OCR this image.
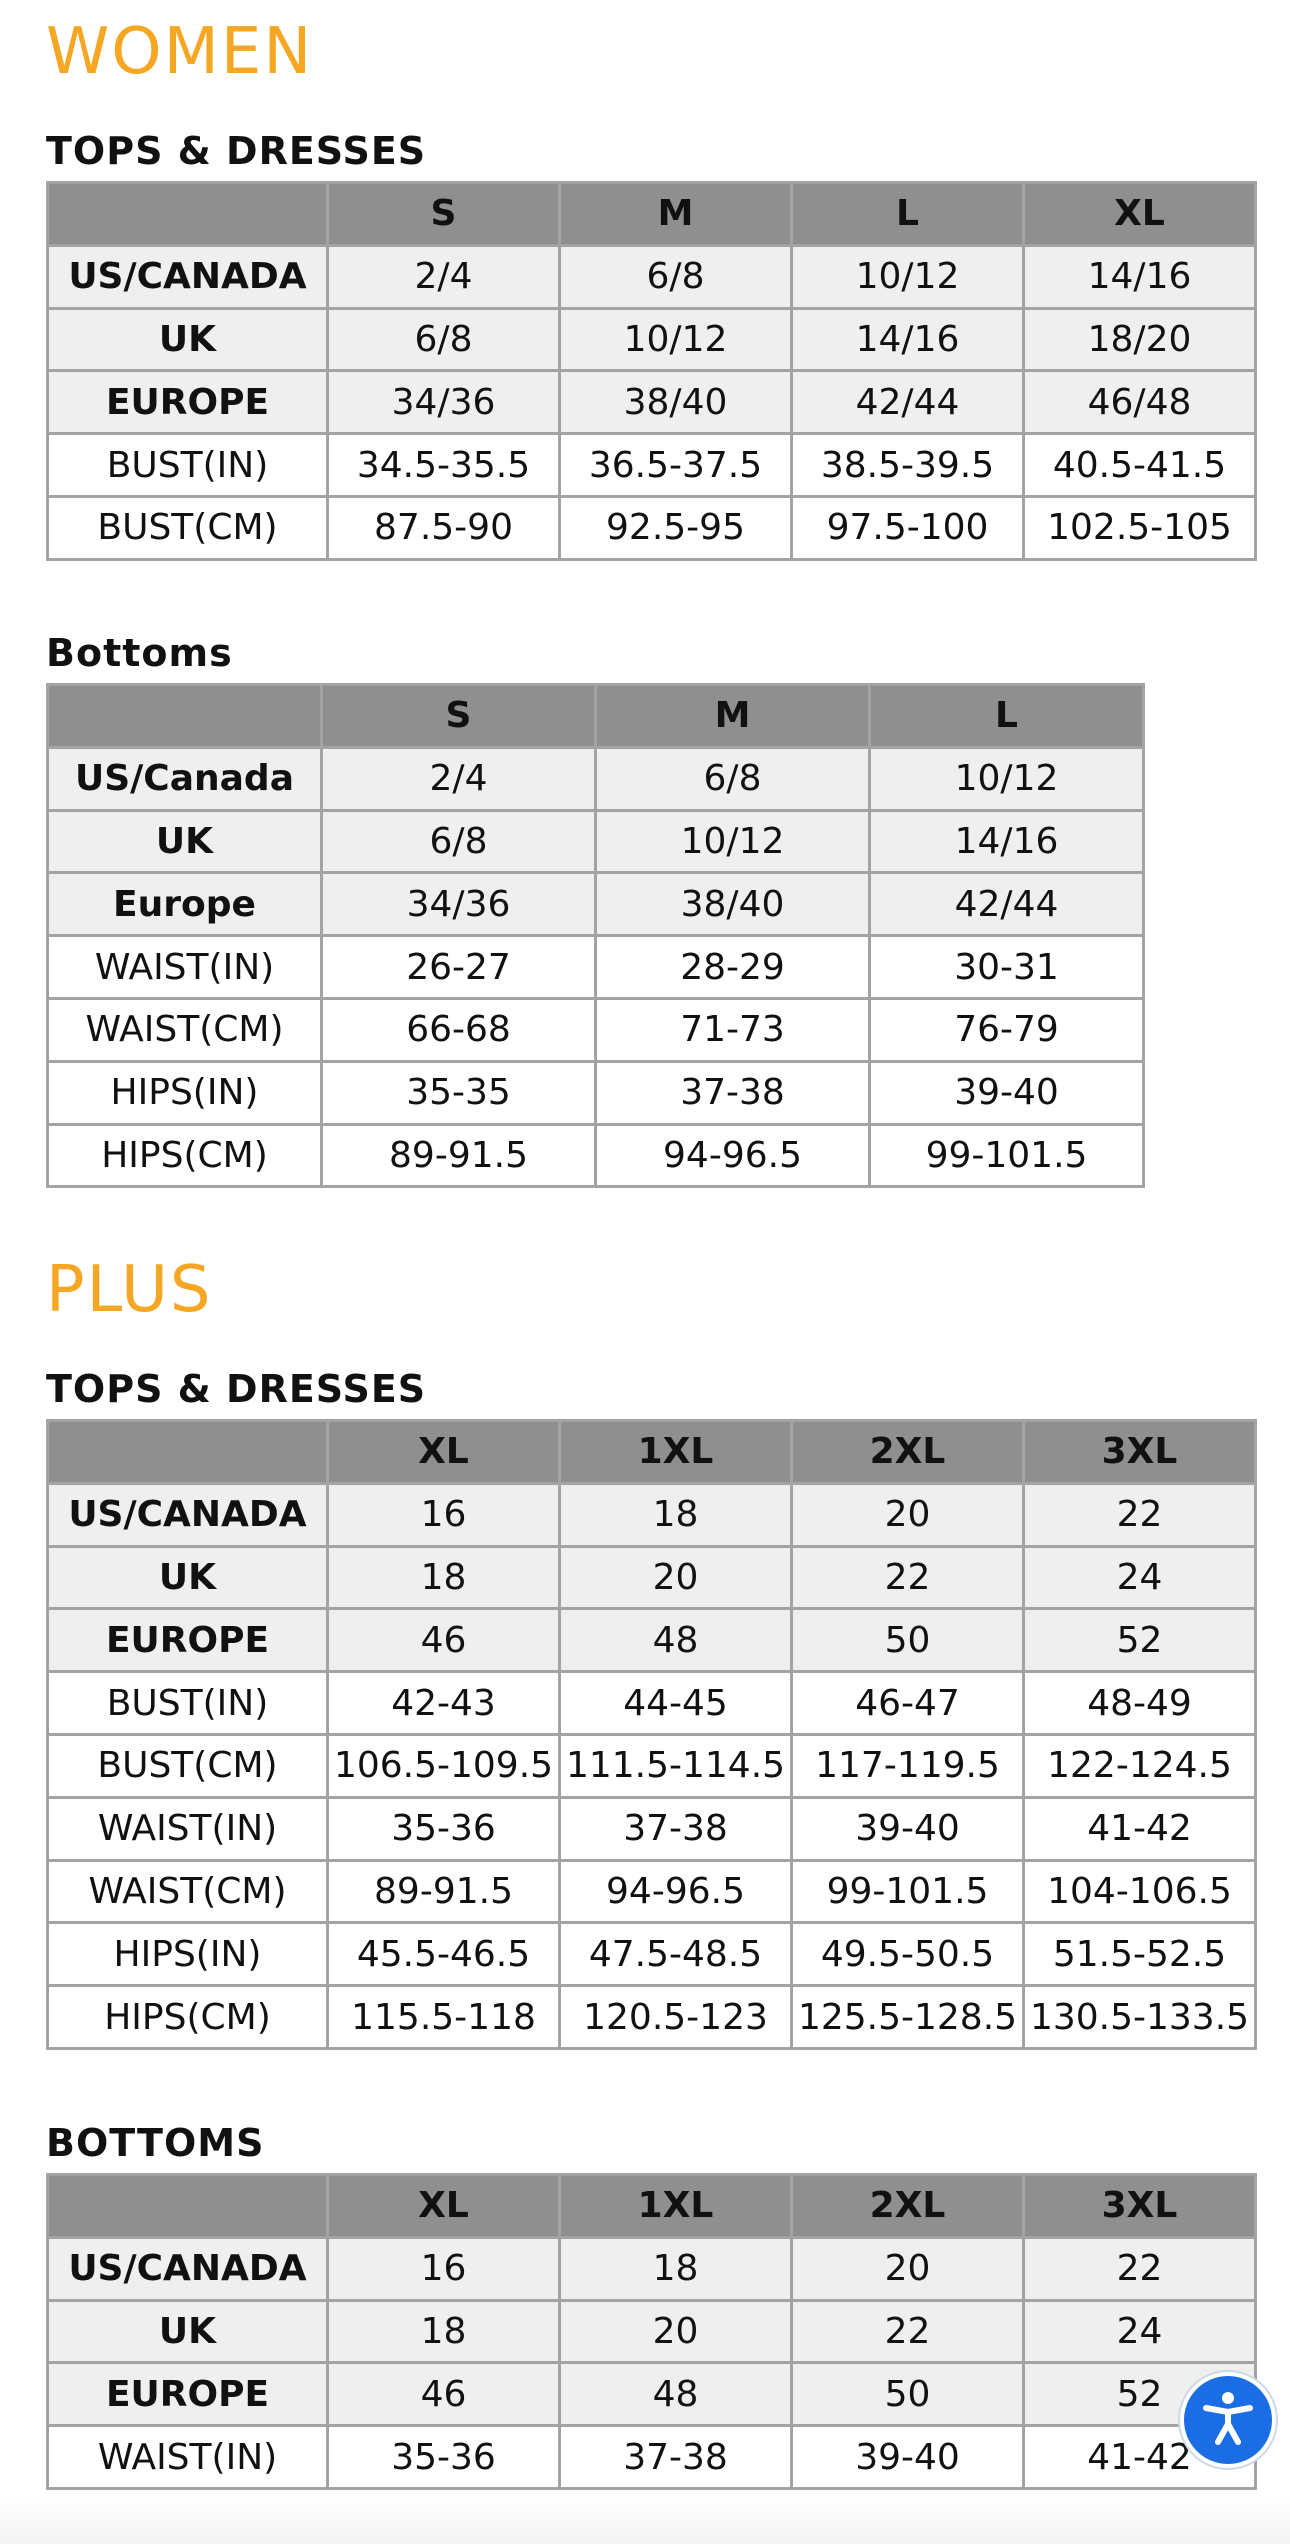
WOMEN
TOPS & DRESSES
	S	M	L	XL
US/CANADA	2/4	6/8	10/12	14/16
UK	6/8	10/12	14/16	18/20
EUROPE	34/36	38/40	42/44	46/48
BUST(IN)	34.5-35.5	36.5-37.5	38.5-39.5	40.5-41.5
BUST(CM)	87.5-90	92.5-95	97.5-100	102.5-105
Bottoms
	S	M	L
US/Canada	2/4	6/8	10/12
UK	6/8	10/12	14/16
Europe	34/36	38/40	42/44
WAIST(IN)	26-27	28-29	30-31
WAIST(CM)	66-68	71-73	76-79
HIPS(IN)	35-35	37-38	39-40
HIPS(CM)	89-91.5	94-96.5	99-101.5
PLUS
TOPS & DRESSES
	XL	1XL	2XL	3XL
US/CANADA	16	18	20	22
UK	18	20	22	24
EUROPE	46	48	50	52
BUST(IN)	42-43	44-45	46-47	48-49
BUST(CM)	106.5-109.5	111.5-114.5	117-119.5	122-124.5
WAIST(IN)	35-36	37-38	39-40	41-42
WAIST(CM)	89-91.5	94-96.5	99-101.5	104-106.5
HIPS(IN)	45.5-46.5	47.5-48.5	49.5-50.5	51.5-52.5
HIPS(CM)	115.5-118	120.5-123	125.5-128.5	130.5-133.5
BOTTOMS
	XL	1XL	2XL	3XL
US/CANADA	16	18	20	22
UK	18	20	22	24
EUROPE	46	48	50	52
WAIST(IN)	35-36	37-38	39-40	41-42
